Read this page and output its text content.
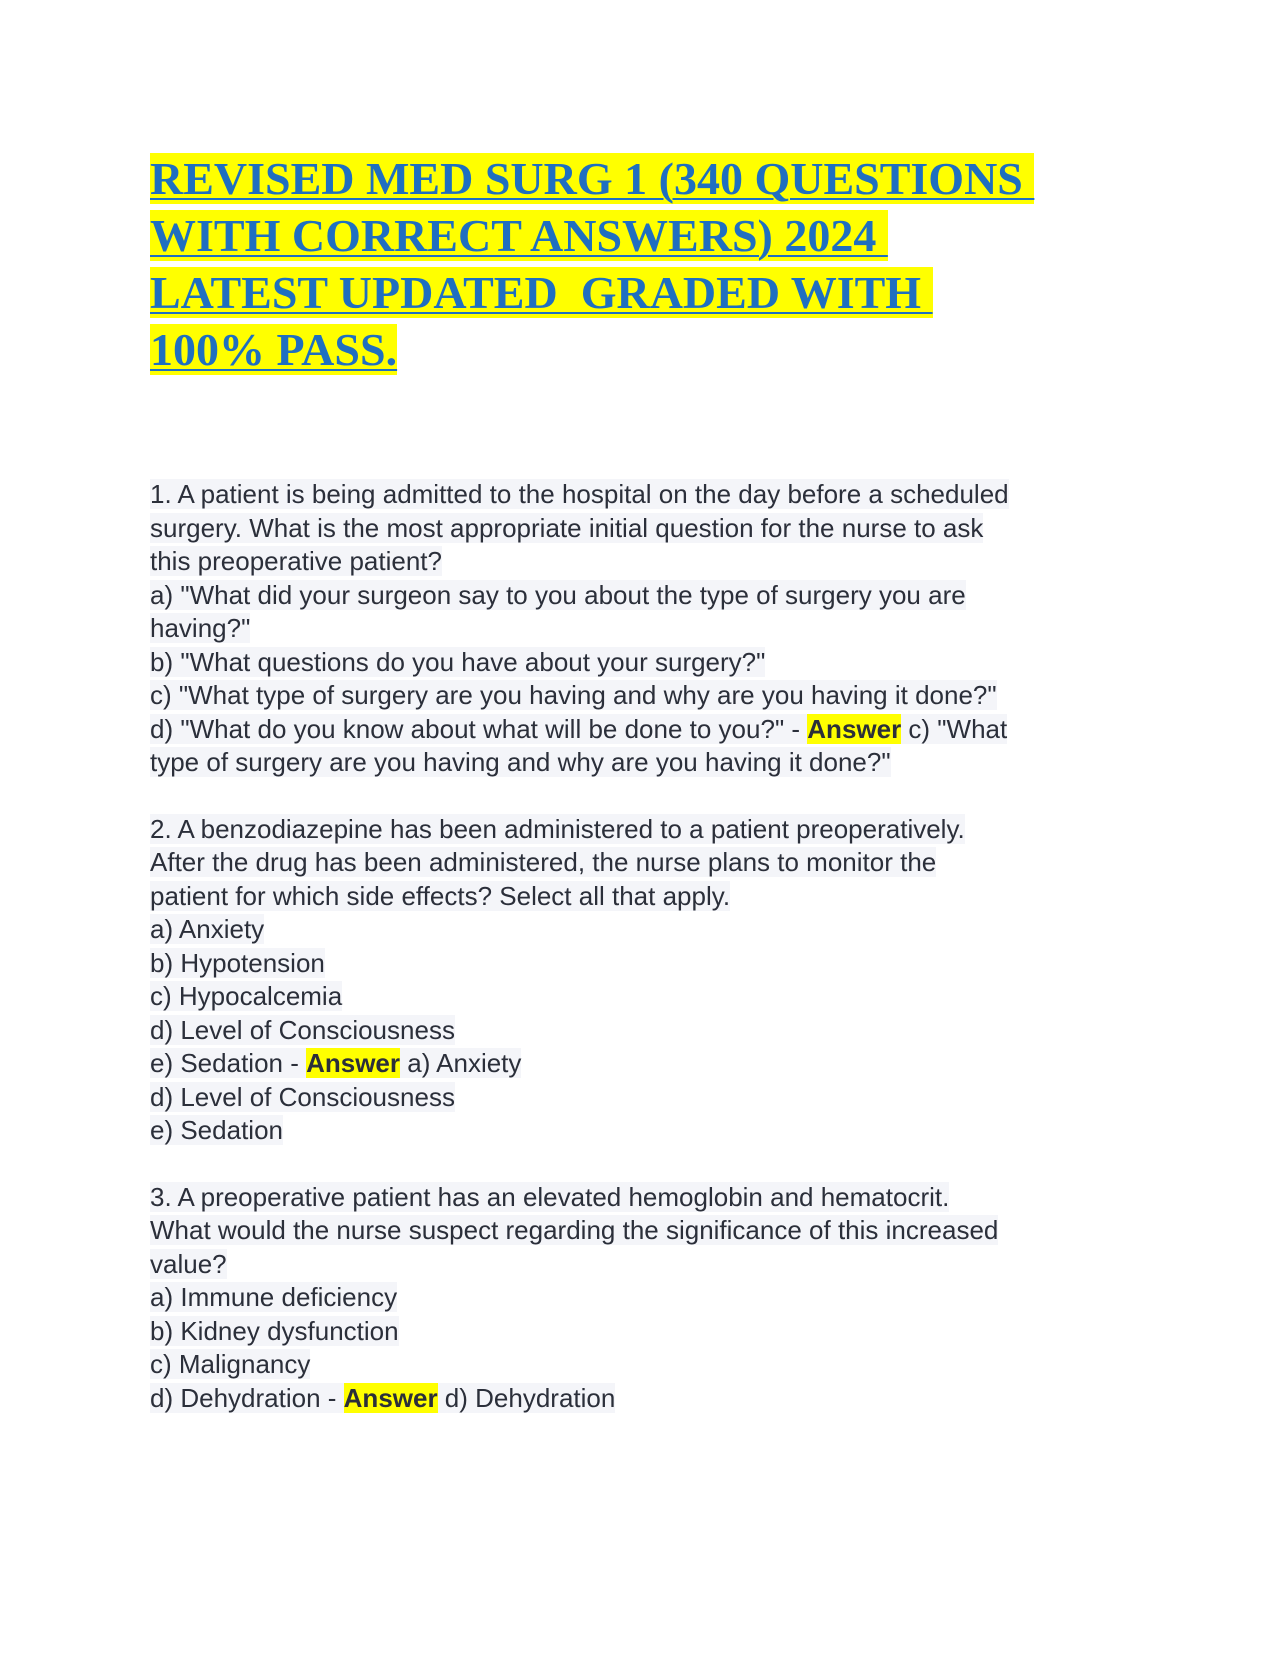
REVISED MED SURG 1 (340 QUESTIONS
WITH CORRECT ANSWERS) 2024
LATEST UPDATED  GRADED WITH
100% PASS.
1. A patient is being admitted to the hospital on the day before a scheduled
surgery. What is the most appropriate initial question for the nurse to ask
this preoperative patient?
a) "What did your surgeon say to you about the type of surgery you are
having?"
b) "What questions do you have about your surgery?"
c) "What type of surgery are you having and why are you having it done?"
d) "What do you know about what will be done to you?" - Answer c) "What
type of surgery are you having and why are you having it done?"
2. A benzodiazepine has been administered to a patient preoperatively.
After the drug has been administered, the nurse plans to monitor the
patient for which side effects? Select all that apply.
a) Anxiety
b) Hypotension
c) Hypocalcemia
d) Level of Consciousness
e) Sedation - Answer a) Anxiety
d) Level of Consciousness
e) Sedation
3. A preoperative patient has an elevated hemoglobin and hematocrit.
What would the nurse suspect regarding the significance of this increased
value?
a) Immune deficiency
b) Kidney dysfunction
c) Malignancy
d) Dehydration - Answer d) Dehydration
